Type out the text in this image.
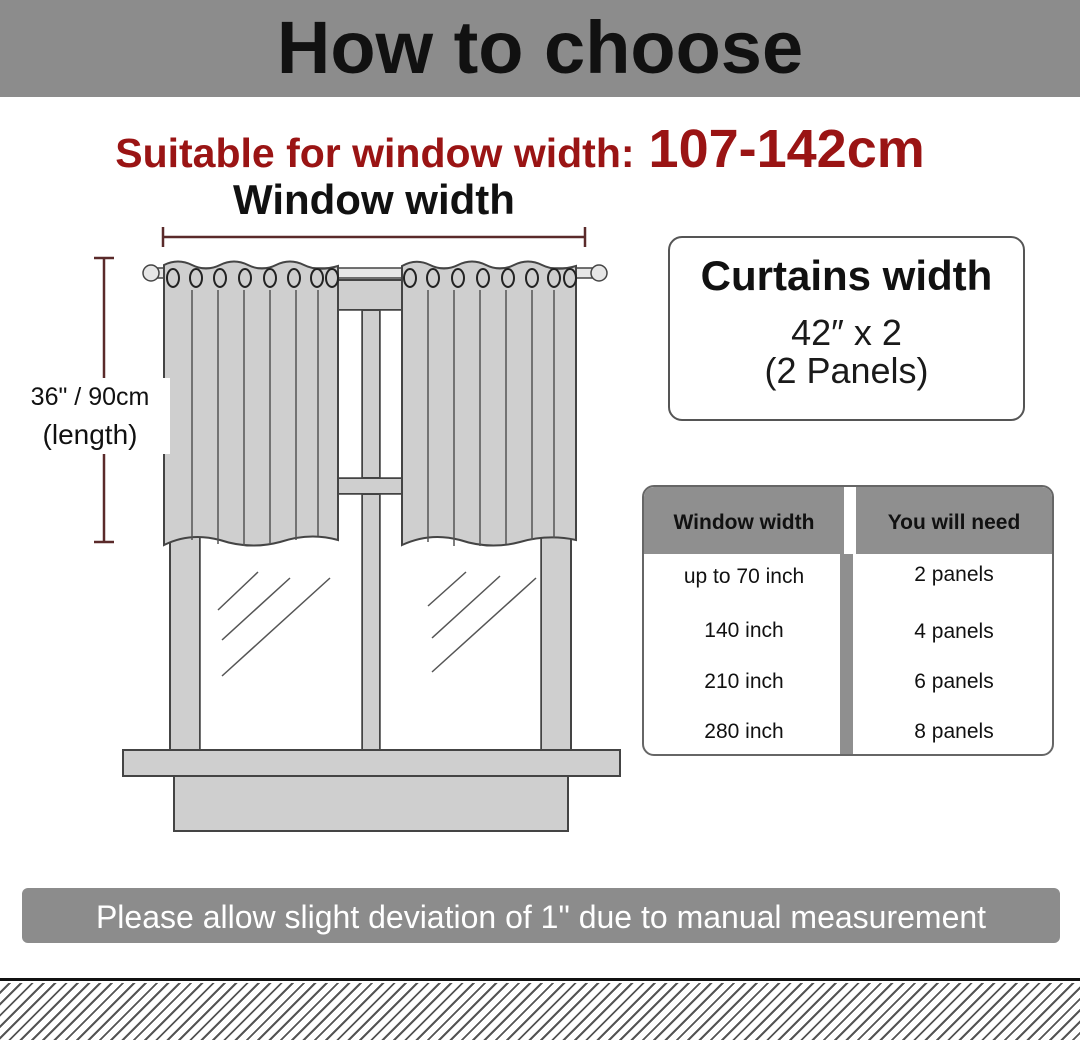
How to choose
Suitable for window width: 107-142cm
Window width
36" / 90cm
(length)
Curtains width
42″ x 2
(2 Panels)
Window width	You will need
up to 70 inch	2 panels
140 inch	4 panels
210 inch	6 panels
280 inch	8 panels
Please allow slight deviation of 1" due to manual measurement
